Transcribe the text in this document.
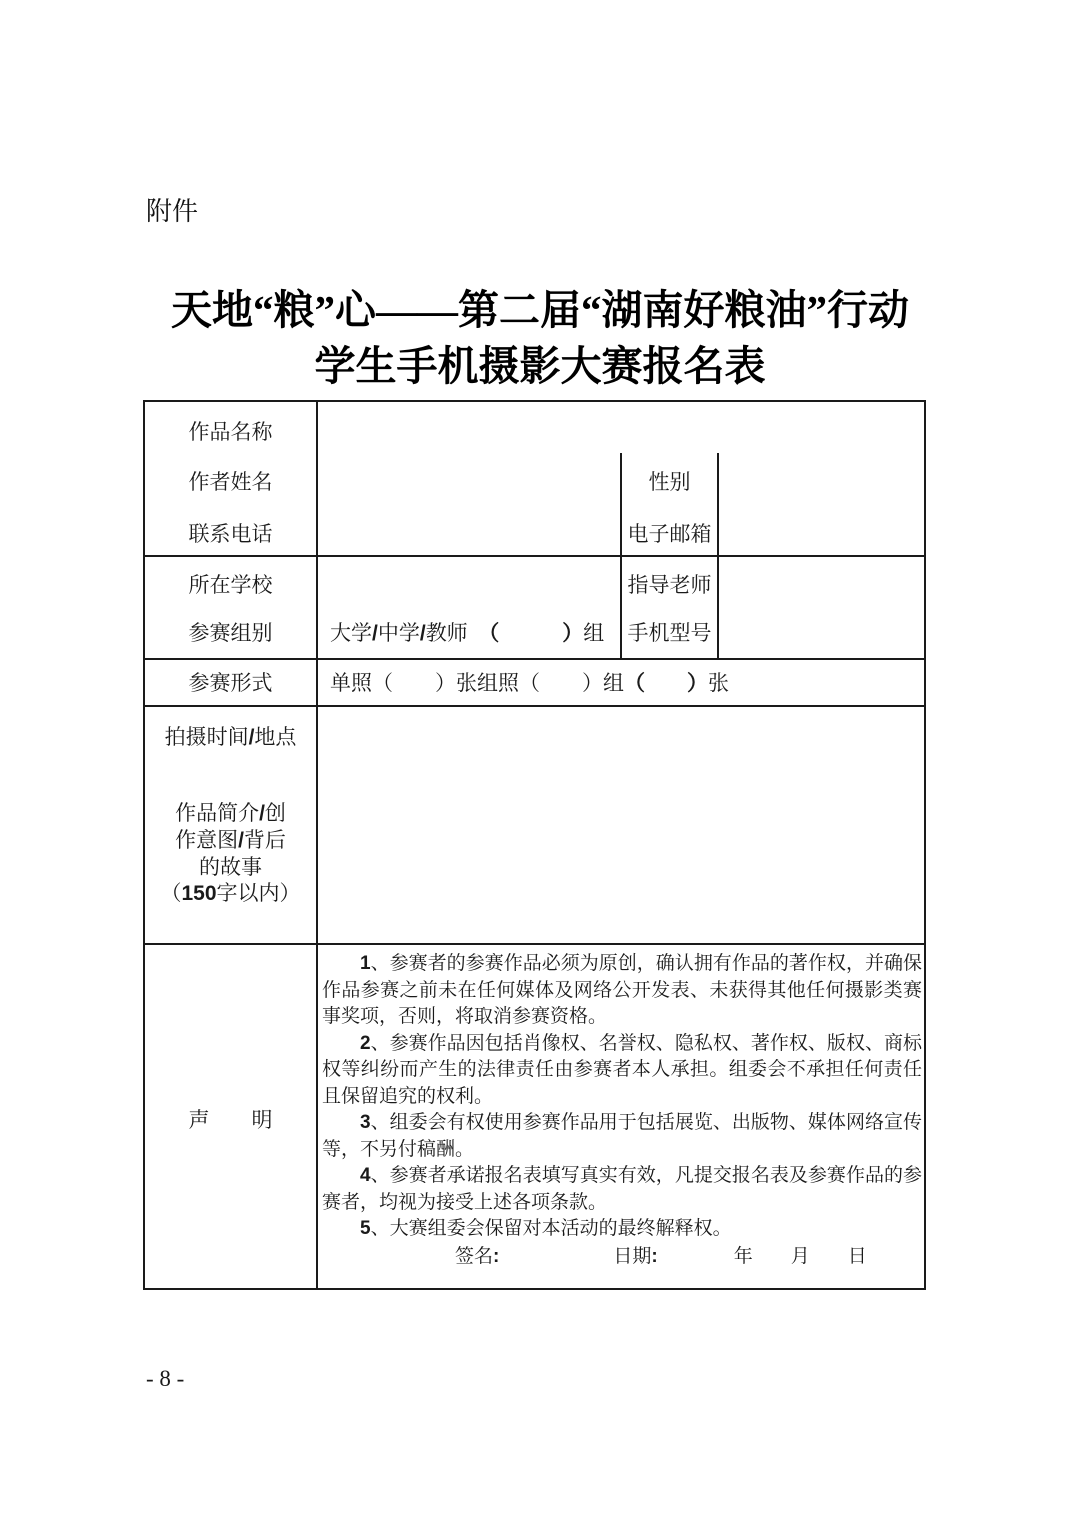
附件
天地“粮”心——第二届“湖南好粮油”行动
学生手机摄影大赛报名表
作品名称
作者姓名
联系电话
所在学校
参赛组别
参赛形式
拍摄时间/地点
作品简介/创
作意图/背后
的故事
（150字以内）
声　　明
性别
电子邮箱
指导老师
手机型号
大学/中学/教师　（　　　	）组
单照（　　）张组照（　　）组（　　 ）张

1、参赛者的参赛作品必须为原创，确认拥有作品的著作权，并确保作品参赛之前未在任何媒体及网络公开发表、未获得其他任何摄影类赛事奖项，否则，将取消参赛资格。

2、参赛作品因包括肖像权、名誉权、隐私权、著作权、版权、商标权等纠纷而产生的法律责任由参赛者本人承担。组委会不承担任何责任且保留追究的权利。

3、组委会有权使用参赛作品用于包括展览、出版物、媒体网络宣传等，不另付稿酬。

4、参赛者承诺报名表填写真实有效，凡提交报名表及参赛作品的参赛者，均视为接受上述各项条款。

5、大赛组委会保留对本活动的最终解释权。

签名:　　　　　　日期:　　　　年　　月　　日
- 8 -
